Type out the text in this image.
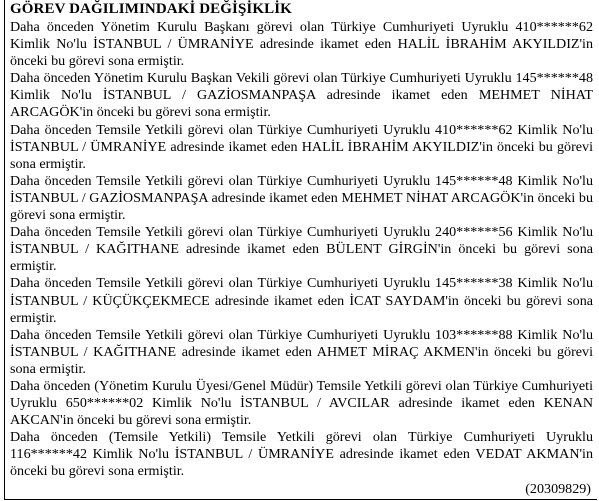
GÖREV DAĞILIMINDAKİ DEĞİŞİKLİK

Daha önceden Yönetim Kurulu Başkanı görevi olan Türkiye Cumhuriyeti Uyruklu 410******62 Kimlik No'lu İSTANBUL / ÜMRANİYE adresinde ikamet eden HALİL İBRAHİM AKYILDIZ'in önceki bu görevi sona ermiştir.

Daha önceden Yönetim Kurulu Başkan Vekili görevi olan Türkiye Cumhuriyeti Uyruklu 145******48 Kimlik No'lu İSTANBUL / GAZİOSMANPAŞA adresinde ikamet eden MEHMET NİHAT ARCAGÖK'in önceki bu görevi sona ermiştir.

Daha önceden Temsile Yetkili görevi olan Türkiye Cumhuriyeti Uyruklu 410******62 Kimlik No'lu İSTANBUL / ÜMRANİYE adresinde ikamet eden HALİL İBRAHİM AKYILDIZ'in önceki bu görevi sona ermiştir.

Daha önceden Temsile Yetkili görevi olan Türkiye Cumhuriyeti Uyruklu 145******48 Kimlik No'lu İSTANBUL / GAZİOSMANPAŞA adresinde ikamet eden MEHMET NİHAT ARCAGÖK'in önceki bu görevi sona ermiştir.

Daha önceden Temsile Yetkili görevi olan Türkiye Cumhuriyeti Uyruklu 240******56 Kimlik No'lu İSTANBUL / KAĞITHANE adresinde ikamet eden BÜLENT GİRGİN'in önceki bu görevi sona ermiştir.

Daha önceden Temsile Yetkili görevi olan Türkiye Cumhuriyeti Uyruklu 145******38 Kimlik No'lu İSTANBUL / KÜÇÜKÇEKMECE adresinde ikamet eden İCAT SAYDAM'in önceki bu görevi sona ermiştir.

Daha önceden Temsile Yetkili görevi olan Türkiye Cumhuriyeti Uyruklu 103******88 Kimlik No'lu İSTANBUL / KAĞITHANE adresinde ikamet eden AHMET MİRAÇ AKMEN'in önceki bu görevi sona ermiştir.

Daha önceden (Yönetim Kurulu Üyesi/Genel Müdür) Temsile Yetkili görevi olan Türkiye Cumhuriyeti Uyruklu 650******02 Kimlik No'lu İSTANBUL / AVCILAR adresinde ikamet eden KENAN AKCAN'in önceki bu görevi sona ermiştir.

Daha önceden (Temsile Yetkili) Temsile Yetkili görevi olan Türkiye Cumhuriyeti Uyruklu 116******42 Kimlik No'lu İSTANBUL / ÜMRANİYE adresinde ikamet eden VEDAT AKMAN'in önceki bu görevi sona ermiştir.

(20309829)
